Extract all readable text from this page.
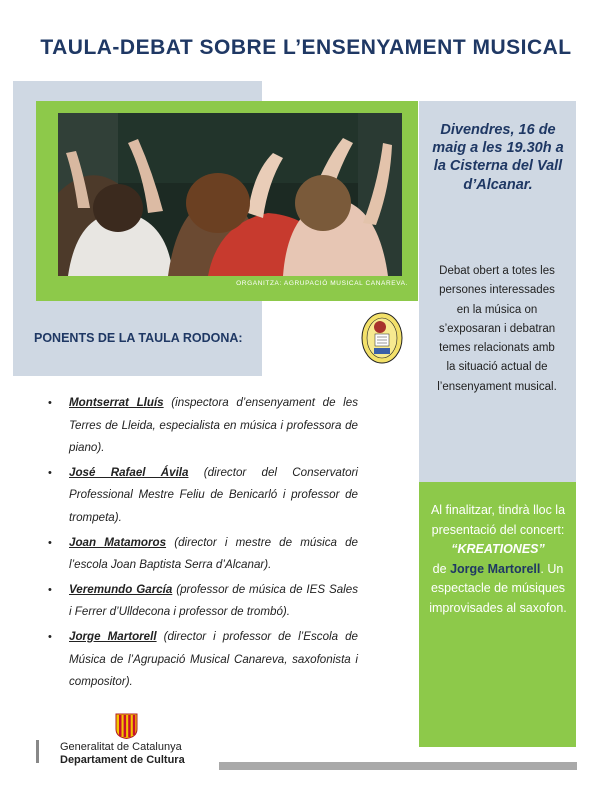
TAULA-DEBAT SOBRE L’ENSENYAMENT MUSICAL
ORGANITZA: AGRUPACIÓ MUSICAL CANAREVA.
PONENTS DE LA TAULA RODONA:
Divendres, 16 de maig a les 19.30h a la Cisterna del Vall d’Alcanar.
Debat obert a totes les persones interessades en la música on s’exposaran i debatran temes relacionats amb la situació actual de l’ensenyament musical.
Al finalitzar, tindrà lloc la presentació del concert:
“KREATIONES”
de Jorge Martorell. Un espectacle de músiques improvisades al saxofon.
• Montserrat Lluís (inspectora d’ensenyament de les Terres de Lleida, especialista en música i professora de piano).
• José Rafael Ávila (director del Conservatori Professional Mestre Feliu de Benicarló i professor de trompeta).
• Joan Matamoros (director i mestre de música de l’escola Joan Baptista Serra d’Alcanar).
• Veremundo García (professor de música de IES Sales i Ferrer d’Ulldecona i professor de trombó).
• Jorge Martorell (director i professor de l’Escola de Música de l’Agrupació Musical Canareva, saxofonista i compositor).
Generalitat de Catalunya
Departament de Cultura
